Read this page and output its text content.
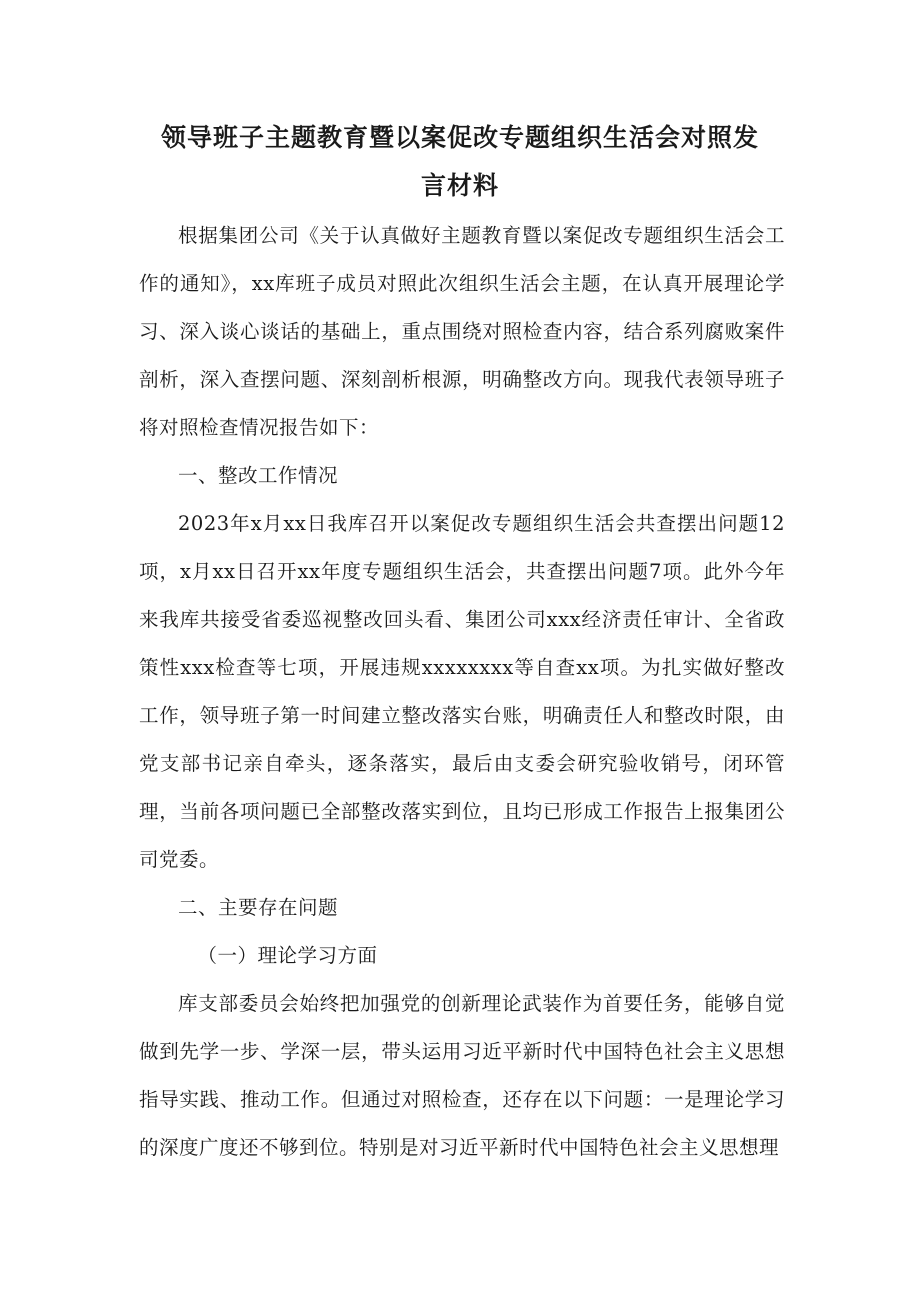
领导班子主题教育暨以案促改专题组织生活会对照发
言材料

根据集团公司《关于认真做好主题教育暨以案促改专题组织生活会工作的通知》，xx库班子成员对照此次组织生活会主题，在认真开展理论学习、深入谈心谈话的基础上，重点围绕对照检查内容，结合系列腐败案件剖析，深入查摆问题、深刻剖析根源，明确整改方向。现我代表领导班子将对照检查情况报告如下：

一、整改工作情况

2023年x月xx日我库召开以案促改专题组织生活会共查摆出问题12项，x月xx日召开xx年度专题组织生活会，共查摆出问题7项。此外今年来我库共接受省委巡视整改回头看、集团公司xxx经济责任审计、全省政策性xxx检查等七项，开展违规xxxxxxxx等自查xx项。为扎实做好整改工作，领导班子第一时间建立整改落实台账，明确责任人和整改时限，由党支部书记亲自牵头，逐条落实，最后由支委会研究验收销号，闭环管理，当前各项问题已全部整改落实到位，且均已形成工作报告上报集团公司党委。

二、主要存在问题

（一）理论学习方面

库支部委员会始终把加强党的创新理论武装作为首要任务，能够自觉做到先学一步、学深一层，带头运用习近平新时代中国特色社会主义思想指导实践、推动工作。但通过对照检查，还存在以下问题：一是理论学习的深度广度还不够到位。特别是对习近平新时代中国特色社会主义思想理
